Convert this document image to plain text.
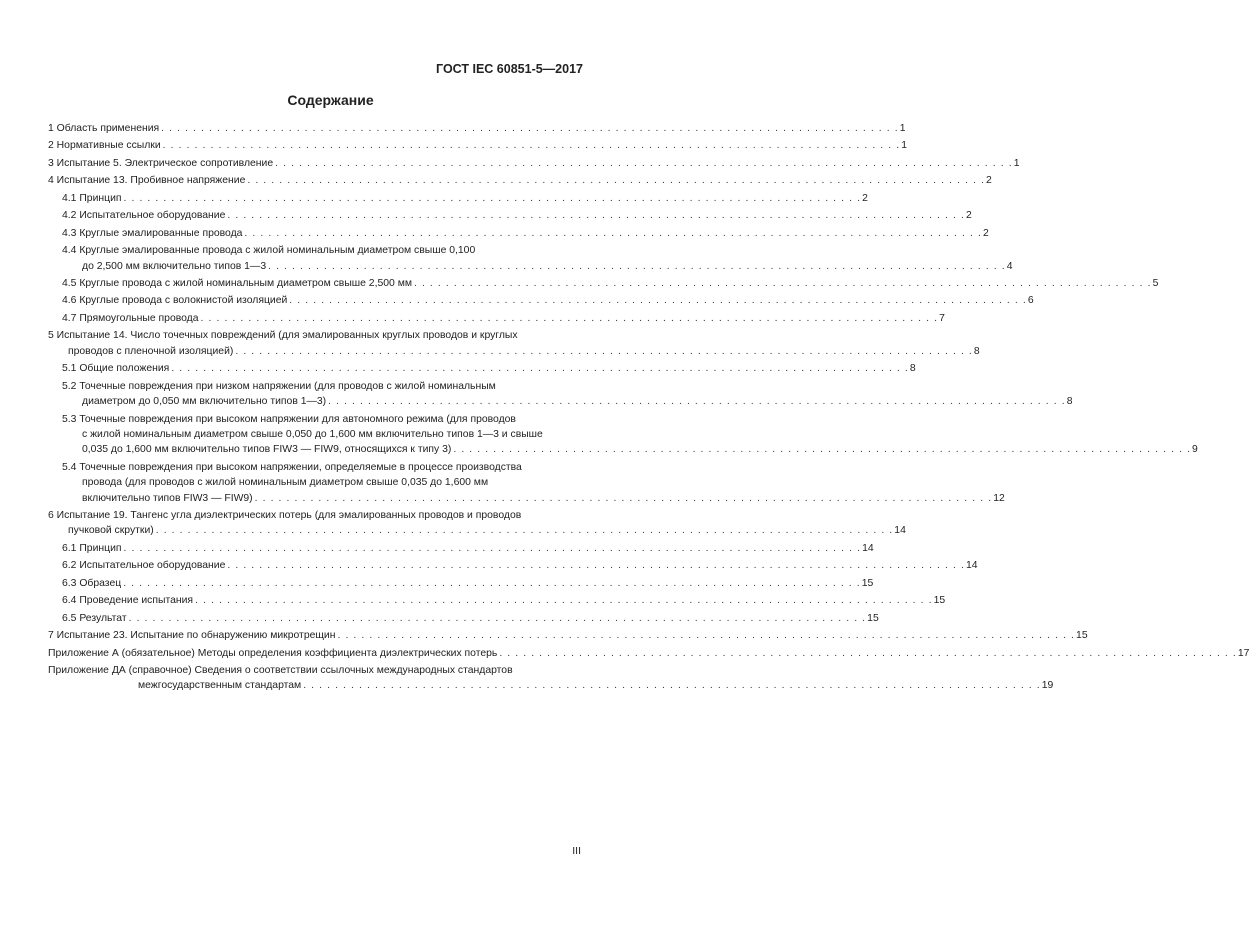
ГОСТ IEC 60851-5—2017
Содержание
1 Область применения . . . . . . . . . . . . . . . . . . . . . . . . . . . . . . . . . . . . . . . . . . . . . . . . . . . . . . . . . . . . . . . . . . . . . . . . . . . . . . . . . . . . . . . . . . . . . 1
2 Нормативные ссылки . . . . . . . . . . . . . . . . . . . . . . . . . . . . . . . . . . . . . . . . . . . . . . . . . . . . . . . . . . . . . . . . . . . . . . . . . . . . . . . . . . . . . . . . . . . . . 1
3 Испытание 5. Электрическое сопротивление . . . . . . . . . . . . . . . . . . . . . . . . . . . . . . . . . . . . . . . . . . . . . . . . . . . . . . . . . . . . . . . . . . . . . . . . . . . . . . . . . . . . . . . . . . . . . 1
4 Испытание 13. Пробивное напряжение . . . . . . . . . . . . . . . . . . . . . . . . . . . . . . . . . . . . . . . . . . . . . . . . . . . . . . . . . . . . . . . . . . . . . . . . . . . . . . . . . . . . . . . . . . . . . 2
4.1 Принцип . . . . . . . . . . . . . . . . . . . . . . . . . . . . . . . . . . . . . . . . . . . . . . . . . . . . . . . . . . . . . . . . . . . . . . . . . . . . . . . . . . . . . . . . . . . . . 2
4.2 Испытательное оборудование . . . . . . . . . . . . . . . . . . . . . . . . . . . . . . . . . . . . . . . . . . . . . . . . . . . . . . . . . . . . . . . . . . . . . . . . . . . . . . . . . . . . . . . . . . . . . 2
4.3 Круглые эмалированные провода . . . . . . . . . . . . . . . . . . . . . . . . . . . . . . . . . . . . . . . . . . . . . . . . . . . . . . . . . . . . . . . . . . . . . . . . . . . . . . . . . . . . . . . . . . . . . 2
4.4 Круглые эмалированные провода с жилой номинальным диаметром свыше 0,100
до 2,500 мм включительно типов 1—3 . . . . . . . . . . . . . . . . . . . . . . . . . . . . . . . . . . . . . . . . . . . . . . . . . . . . . . . . . . . . . . . . . . . . . . . . . . . . . . . . . . . . . . . . . . . . . 4
4.5 Круглые провода с жилой номинальным диаметром свыше 2,500 мм . . . . . . . . . . . . . . . . . . . . . . . . . . . . . . . . . . . . . . . . . . . . . . . . . . . . . . . . . . . . . . . . . . . . . . . . . . . . . . . . . . . . . . . . . . . . . 5
4.6 Круглые провода с волокнистой изоляцией . . . . . . . . . . . . . . . . . . . . . . . . . . . . . . . . . . . . . . . . . . . . . . . . . . . . . . . . . . . . . . . . . . . . . . . . . . . . . . . . . . . . . . . . . . . . . 6
4.7 Прямоугольные провода . . . . . . . . . . . . . . . . . . . . . . . . . . . . . . . . . . . . . . . . . . . . . . . . . . . . . . . . . . . . . . . . . . . . . . . . . . . . . . . . . . . . . . . . . . . . . 7
5 Испытание 14. Число точечных повреждений (для эмалированных круглых проводов и круглых
проводов с пленочной изоляцией) . . . . . . . . . . . . . . . . . . . . . . . . . . . . . . . . . . . . . . . . . . . . . . . . . . . . . . . . . . . . . . . . . . . . . . . . . . . . . . . . . . . . . . . . . . . . . 8
5.1 Общие положения . . . . . . . . . . . . . . . . . . . . . . . . . . . . . . . . . . . . . . . . . . . . . . . . . . . . . . . . . . . . . . . . . . . . . . . . . . . . . . . . . . . . . . . . . . . . . 8
5.2 Точечные повреждения при низком напряжении (для проводов с жилой номинальным
диаметром до 0,050 мм включительно типов 1—3) . . . . . . . . . . . . . . . . . . . . . . . . . . . . . . . . . . . . . . . . . . . . . . . . . . . . . . . . . . . . . . . . . . . . . . . . . . . . . . . . . . . . . . . . . . . . . 8
5.3 Точечные повреждения при высоком напряжении для автономного режима (для проводов
с жилой номинальным диаметром свыше 0,050 до 1,600 мм включительно типов 1—3 и свыше
0,035 до 1,600 мм включительно типов FIW3 — FIW9, относящихся к типу 3) . . . . . . . . . . . . . . . . . . . . . . . . . . . . . . . . . . . . . . . . . . . . . . . . . . . . . . . . . . . . . . . . . . . . . . . . . . . . . . . . . . . . . . . . . . . . . 9
5.4 Точечные повреждения при высоком напряжении, определяемые в процессе производства
провода (для проводов с жилой номинальным диаметром свыше 0,035 до 1,600 мм
включительно типов FIW3 — FIW9) . . . . . . . . . . . . . . . . . . . . . . . . . . . . . . . . . . . . . . . . . . . . . . . . . . . . . . . . . . . . . . . . . . . . . . . . . . . . . . . . . . . . . . . . . . . . . 12
6 Испытание 19. Тангенс угла диэлектрических потерь (для эмалированных проводов и проводов
пучковой скрутки) . . . . . . . . . . . . . . . . . . . . . . . . . . . . . . . . . . . . . . . . . . . . . . . . . . . . . . . . . . . . . . . . . . . . . . . . . . . . . . . . . . . . . . . . . . . . . 14
6.1 Принцип . . . . . . . . . . . . . . . . . . . . . . . . . . . . . . . . . . . . . . . . . . . . . . . . . . . . . . . . . . . . . . . . . . . . . . . . . . . . . . . . . . . . . . . . . . . . . 14
6.2 Испытательное оборудование . . . . . . . . . . . . . . . . . . . . . . . . . . . . . . . . . . . . . . . . . . . . . . . . . . . . . . . . . . . . . . . . . . . . . . . . . . . . . . . . . . . . . . . . . . . . . 14
6.3 Образец . . . . . . . . . . . . . . . . . . . . . . . . . . . . . . . . . . . . . . . . . . . . . . . . . . . . . . . . . . . . . . . . . . . . . . . . . . . . . . . . . . . . . . . . . . . . . 15
6.4 Проведение испытания . . . . . . . . . . . . . . . . . . . . . . . . . . . . . . . . . . . . . . . . . . . . . . . . . . . . . . . . . . . . . . . . . . . . . . . . . . . . . . . . . . . . . . . . . . . . . 15
6.5 Результат . . . . . . . . . . . . . . . . . . . . . . . . . . . . . . . . . . . . . . . . . . . . . . . . . . . . . . . . . . . . . . . . . . . . . . . . . . . . . . . . . . . . . . . . . . . . . 15
7 Испытание 23. Испытание по обнаружению микротрещин . . . . . . . . . . . . . . . . . . . . . . . . . . . . . . . . . . . . . . . . . . . . . . . . . . . . . . . . . . . . . . . . . . . . . . . . . . . . . . . . . . . . . . . . . . . . . 15
Приложение А (обязательное) Методы определения коэффициента диэлектрических потерь . . . . . . . . . . . . . . . . . . . . . . . . . . . . . . . . . . . . . . . . . . . . . . . . . . . . . . . . . . . . . . . . . . . . . . . . . . . . . . . . . . . . . . . . . . . . . 17
Приложение ДА (справочное) Сведения о соответствии ссылочных международных стандартов
межгосударственным стандартам . . . . . . . . . . . . . . . . . . . . . . . . . . . . . . . . . . . . . . . . . . . . . . . . . . . . . . . . . . . . . . . . . . . . . . . . . . . . . . . . . . . . . . . . . . . . . 19
III
